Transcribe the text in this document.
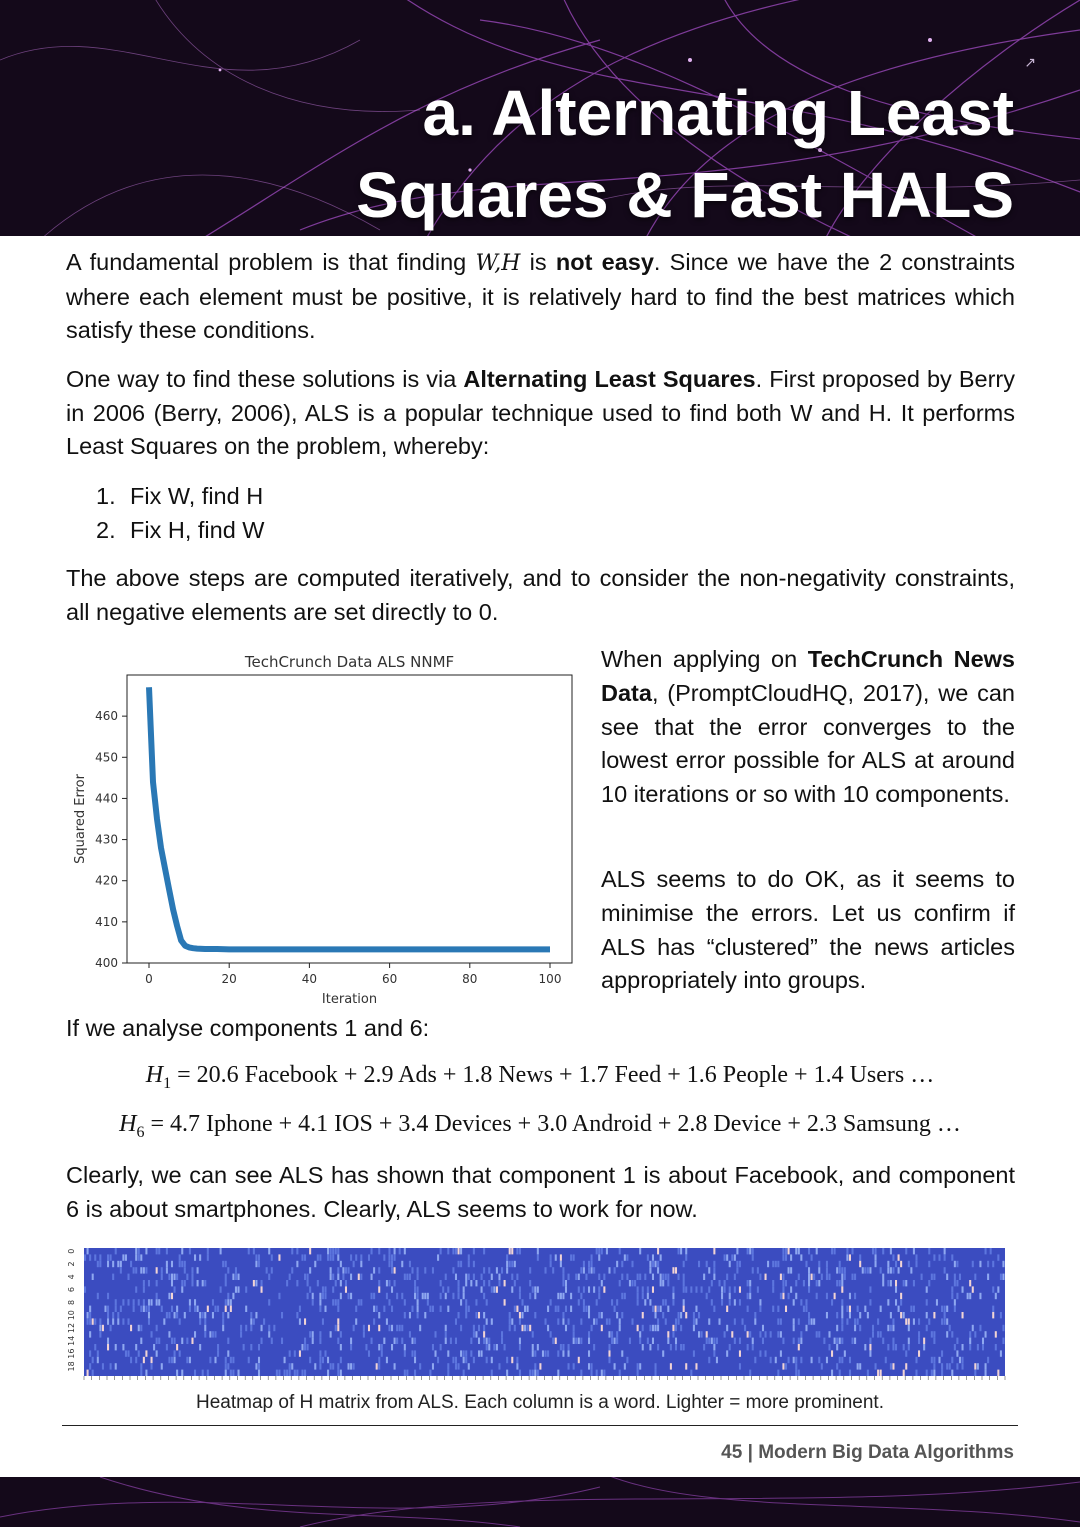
↗
a. Alternating Least
Squares & Fast HALS

A fundamental problem is that finding W,H is not easy. Since we have the 2 constraints where each element must be positive, it is relatively hard to find the best matrices which satisfy these conditions.

One way to find these solutions is via Alternating Least Squares. First proposed by Berry in 2006 (Berry, 2006), ALS is a popular technique used to find both W and H. It performs Least Squares on the problem, whereby:

1. Fix W, find H
2. Fix H, find W

The above steps are computed iteratively, and to consider the non-negativity constraints, all negative elements are set directly to 0.

TechCrunch Data ALS NNMF
400
410
420
430
440
450
460
0	20	40	60	80	100
Iteration
Squared Error

When applying on TechCrunch News Data, (PromptCloudHQ, 2017), we can see that the error converges to the lowest error possible for ALS at around 10 iterations or so with 10 components.

ALS seems to do OK, as it seems to minimise the errors. Let us confirm if ALS has “clustered” the news articles appropriately into groups.

If we analyse components 1 and 6:

$H_1 = 20.6$ Facebook + 2.9 Ads + 1.8 News + 1.7 Feed + 1.6 People + 1.4 Users …
$H_6 = 4.7$ Iphone + 4.1 IOS + 3.4 Devices + 3.0 Android + 2.8 Device + 2.3 Samsung …

Clearly, we can see ALS has shown that component 1 is about Facebook, and component 6 is about smartphones. Clearly, ALS seems to work for now.

0
2
4
6
8
10
12
14
16
18
Heatmap of H matrix from ALS. Each column is a word. Lighter = more prominent.
45 | Modern Big Data Algorithms
